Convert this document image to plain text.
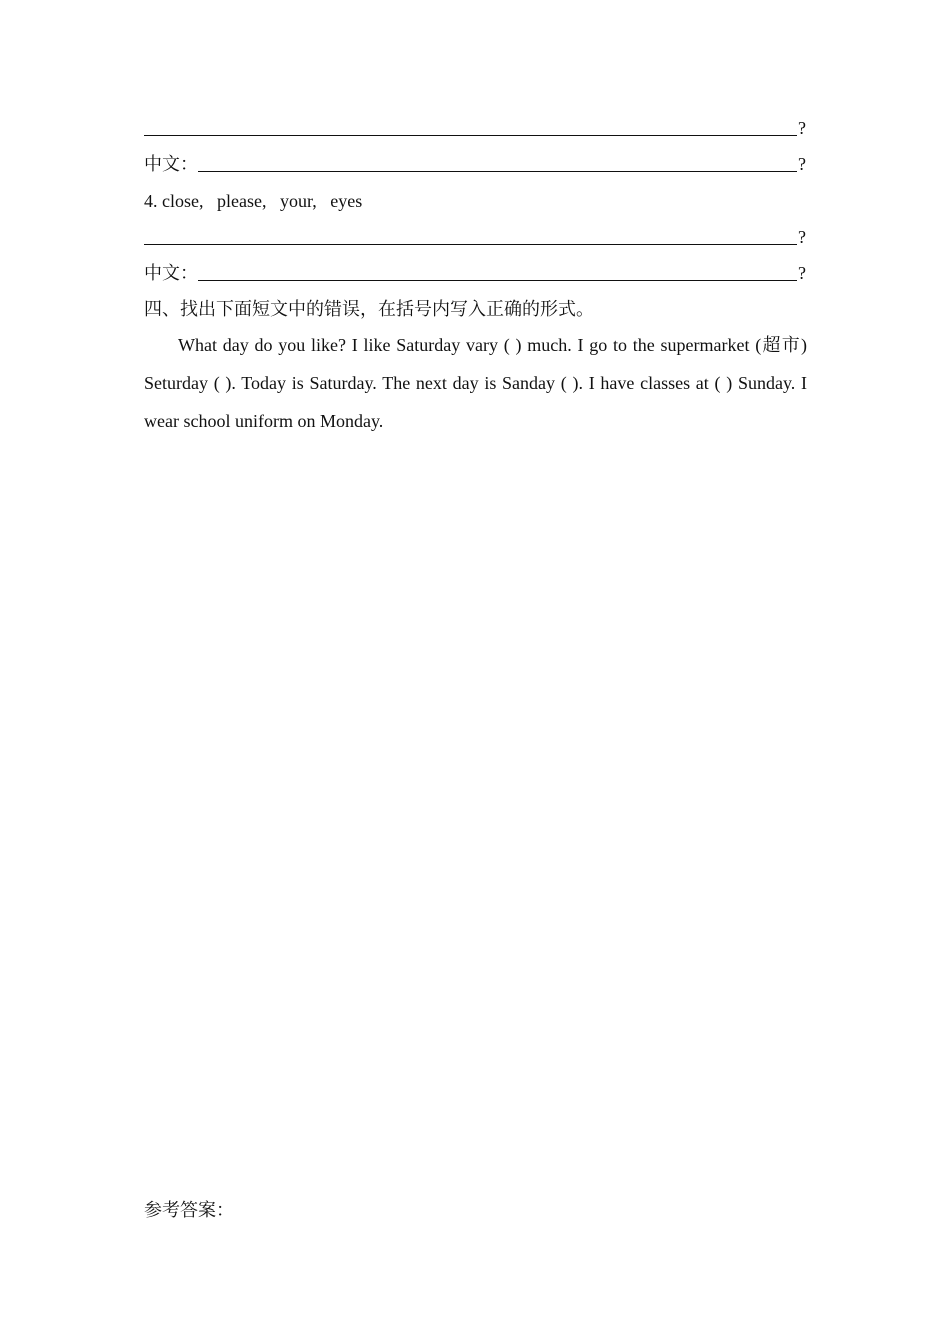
?
中文：	?
4. close,   please,   your,   eyes
?
中文：	?
四、找出下面短文中的错误，在括号内写入正确的形式。
What day do you like? I like Saturday vary ( ) much. I go to the supermarket (超市) Seturday ( ). Today is Saturday. The next day is Sanday ( ). I have classes at ( ) Sunday. I wear school uniform on Monday.
参考答案：
